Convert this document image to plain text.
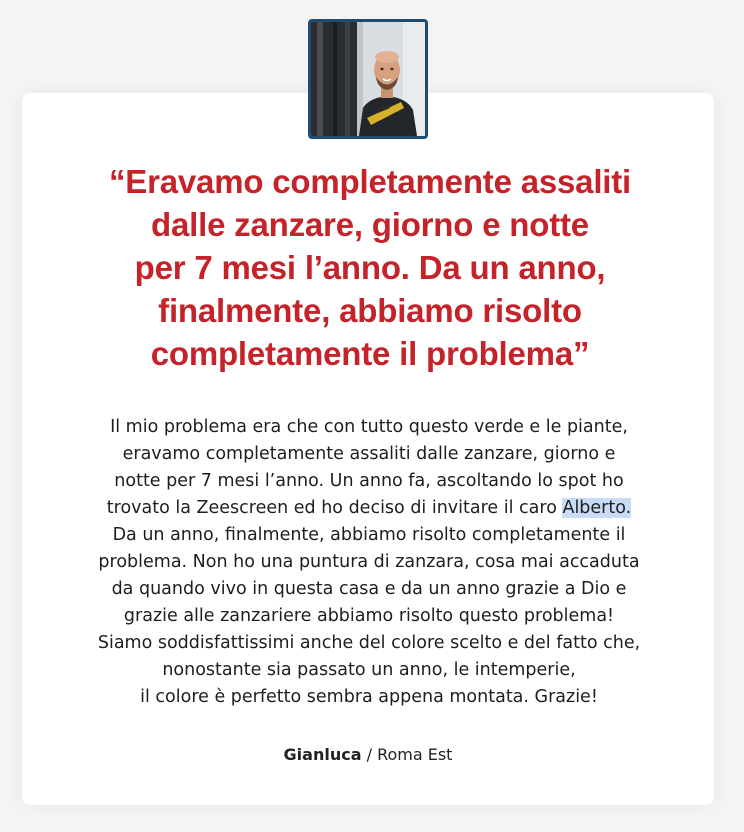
“Eravamo completamente assaliti
dalle zanzare, giorno e notte
per 7 mesi l’anno. Da un anno,
finalmente, abbiamo risolto
completamente il problema”
Il mio problema era che con tutto questo verde e le piante,
eravamo completamente assaliti dalle zanzare, giorno e
notte per 7 mesi l’anno. Un anno fa, ascoltando lo spot ho
trovato la Zeescreen ed ho deciso di invitare il caro Alberto.
Da un anno, finalmente, abbiamo risolto completamente il
problema. Non ho una puntura di zanzara, cosa mai accaduta
da quando vivo in questa casa e da un anno grazie a Dio e
grazie alle zanzariere abbiamo risolto questo problema!
Siamo soddisfattissimi anche del colore scelto e del fatto che,
nonostante sia passato un anno, le intemperie,
il colore è perfetto sembra appena montata. Grazie!
Gianluca / Roma Est
